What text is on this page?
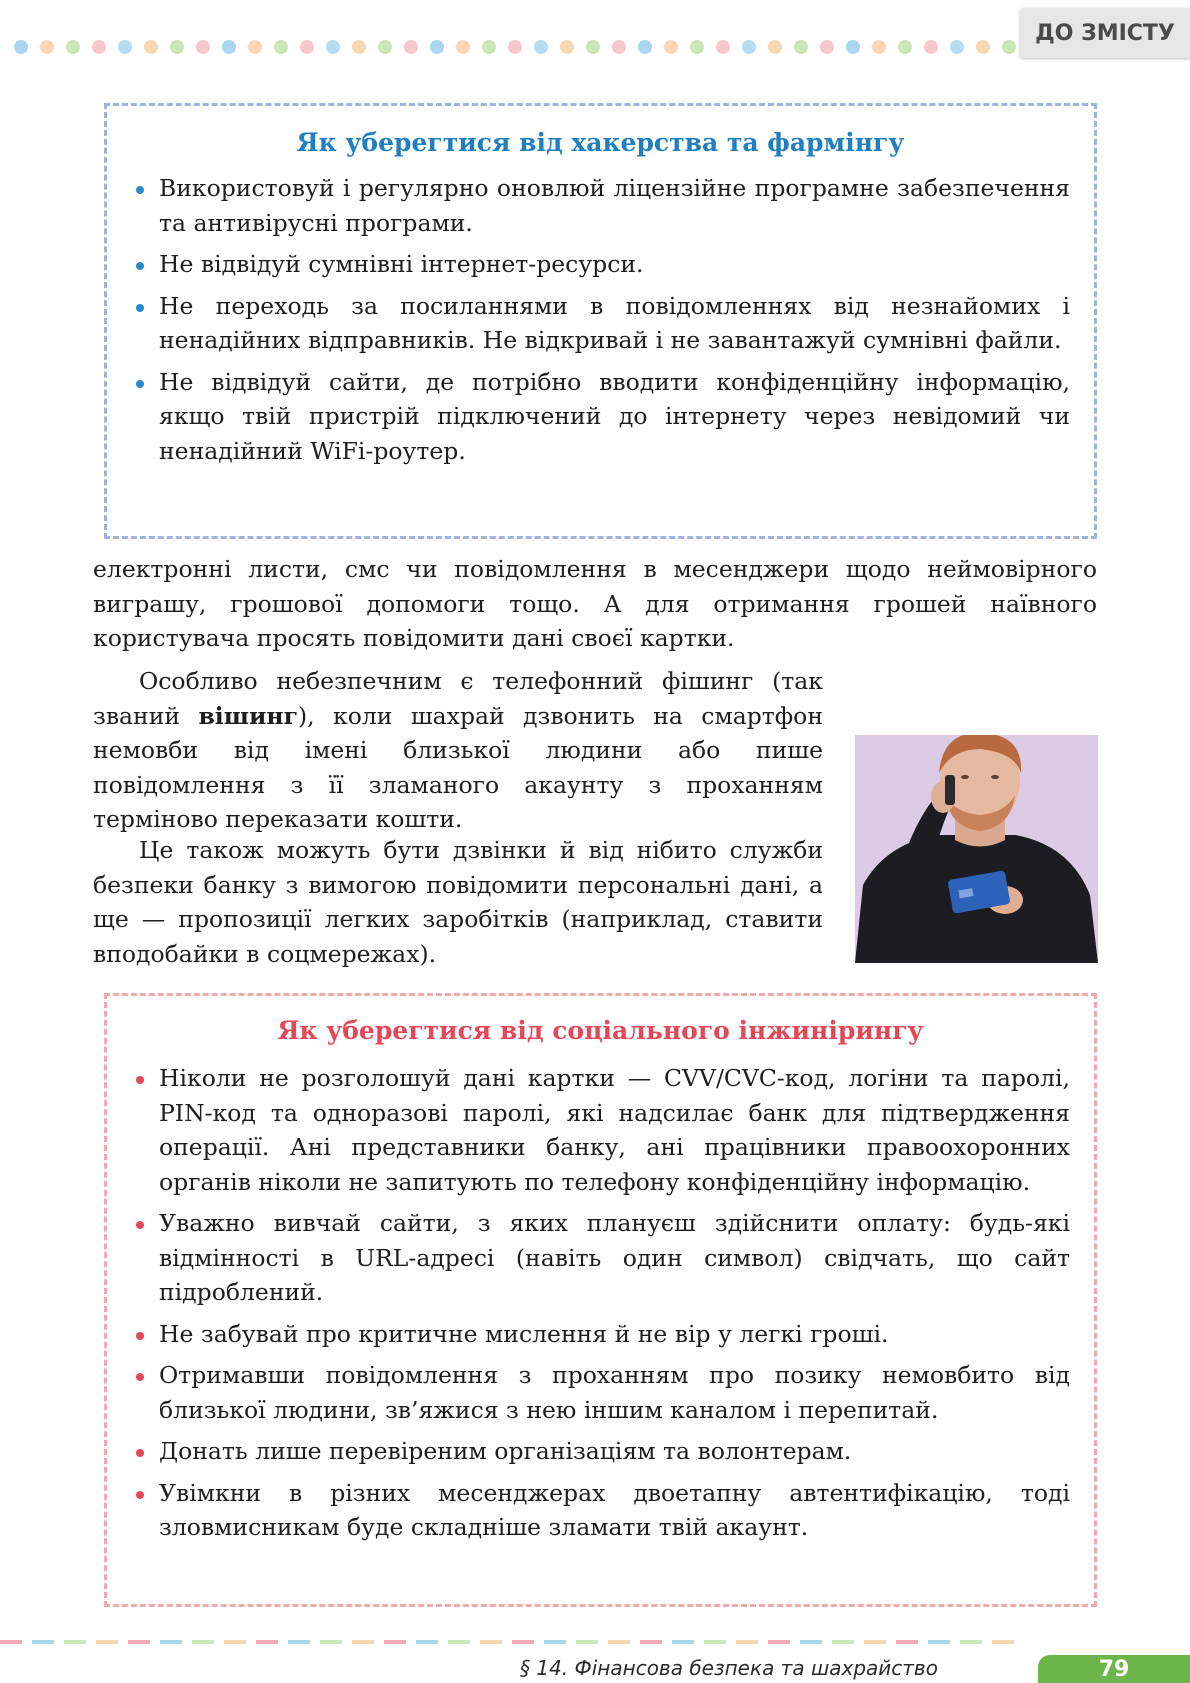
ДО ЗМІСТУ
Як уберегтися від хакерства та фармінгу
Використовуй і регулярно оновлюй ліцензійне програмне забезпечення та антивірусні програми.
Не відвідуй сумнівні інтернет-ресурси.
Не переходь за посиланнями в повідомленнях від незнайомих і ненадійних відправників. Не відкривай і не завантажуй сумнівні файли.
Не відвідуй сайти, де потрібно вводити конфіденційну інформацію, якщо твій пристрій підключений до інтернету через невідомий чи ненадійний WiFi-роутер.

електронні листи, смс чи повідомлення в месенджери щодо неймовірного виграшу, грошової допомоги тощо. А для отримання грошей наївного користувача просять повідомити дані своєї картки.

Особливо небезпечним є телефонний фішинг (так званий вішинг), коли шахрай дзвонить на смартфон немовби від імені близької людини або пише повідомлення з її зламаного акаунту з проханням терміново переказати кошти.

Це також можуть бути дзвінки й від нібито служби безпеки банку з вимогою повідомити персональні дані, а ще — пропозиції легких заробітків (наприклад, ставити вподобайки в соцмережах).

Як уберегтися від соціального інжинірингу
Ніколи не розголошуй дані картки — CVV/CVC-код, логіни та паролі, PIN-код та одноразові паролі, які надсилає банк для підтвердження операції. Ані представники банку, ані працівники правоохоронних органів ніколи не запитують по телефону конфіденційну інформацію.
Уважно вивчай сайти, з яких плануєш здійснити оплату: будь-які відмінності в URL-адресі (навіть один символ) свідчать, що сайт підроблений.
Не забувай про критичне мислення й не вір у легкі гроші.
Отримавши повідомлення з проханням про позику немовбито від близької людини, зв’яжися з нею іншим каналом і перепитай.
Донать лише перевіреним організаціям та волонтерам.
Увімкни в різних месенджерах двоетапну автентифікацію, тоді зловмисникам буде складніше зламати твій акаунт.
§ 14. Фінансова безпека та шахрайство	79
